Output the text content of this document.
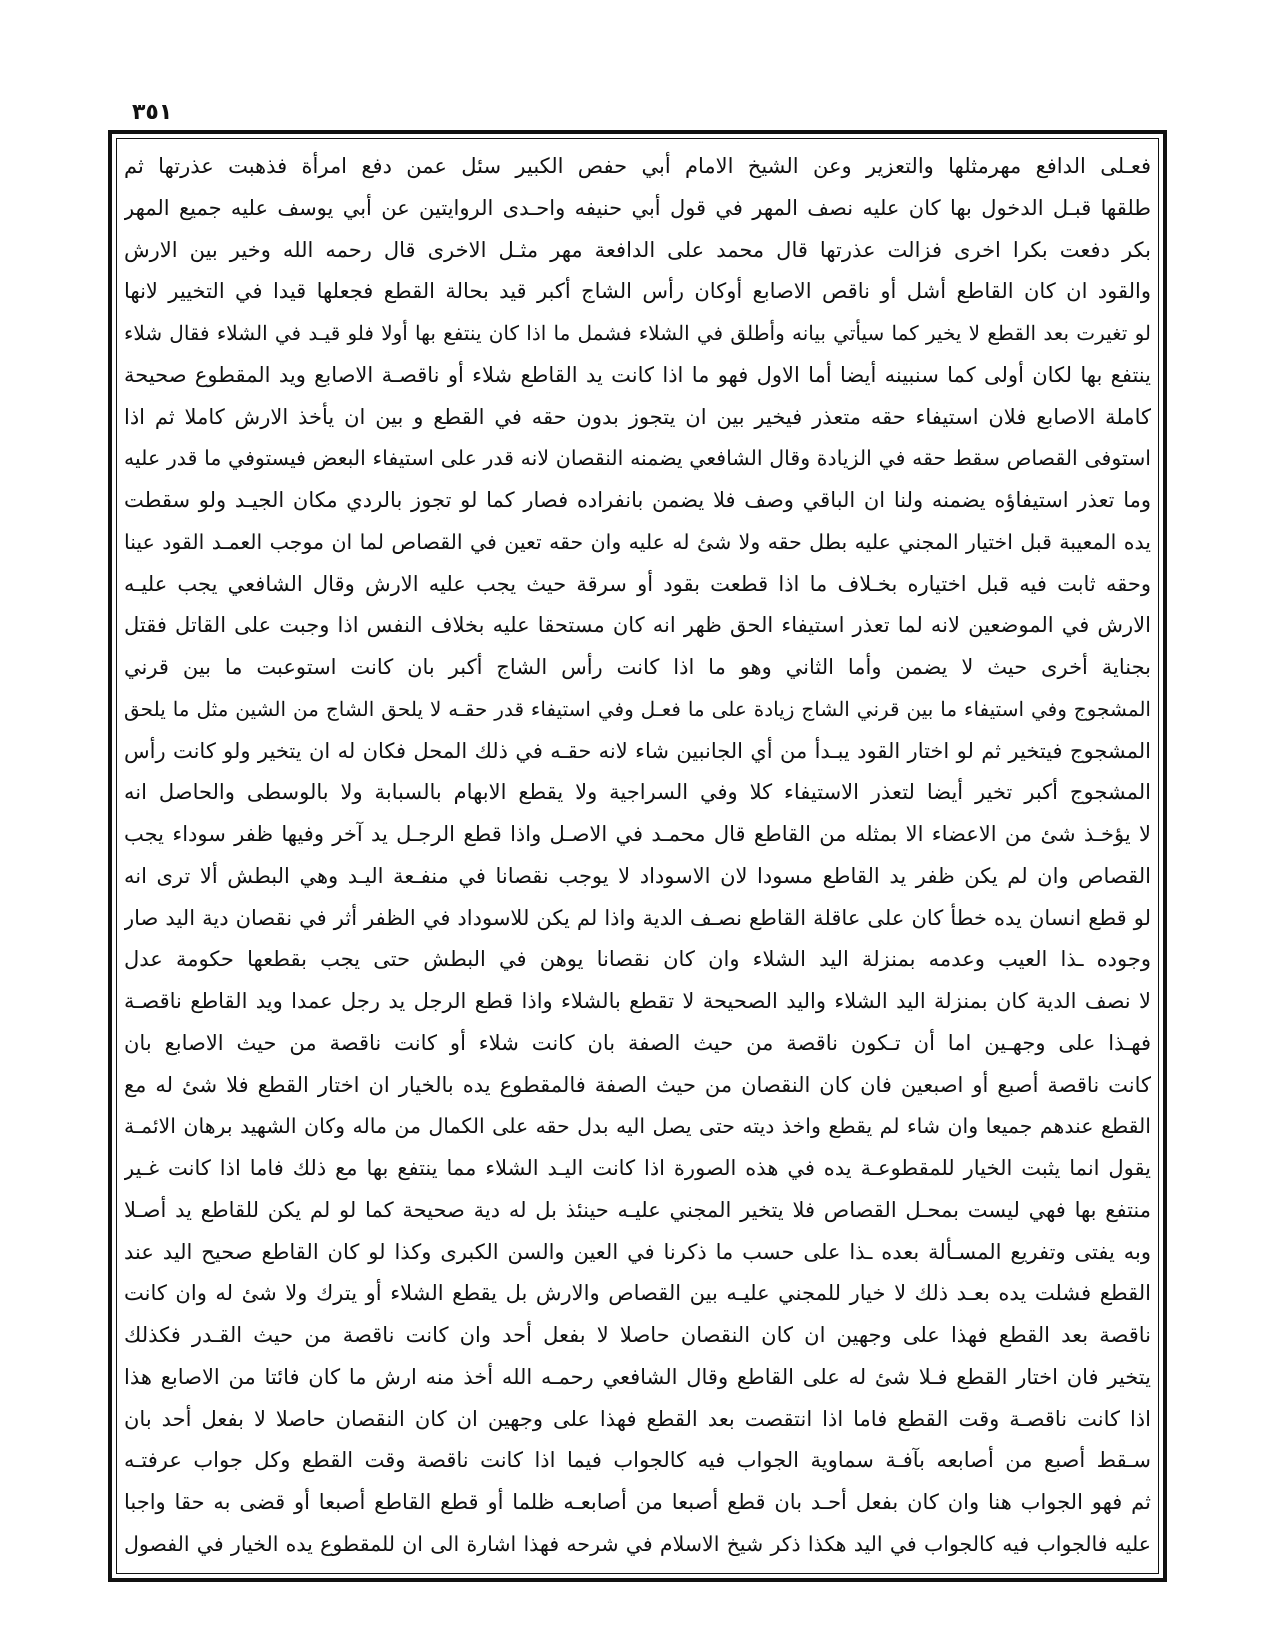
٣٥١
فعـلى الدافع مهرمثلها والتعزير وعن الشيخ الامام أبي حفص الكبير سئل عمن دفع امرأة فذهبت عذرتها ثم
طلقها قبـل الدخول بها كان عليه نصف المهر في قول أبي حنيفه واحـدى الروايتين عن أبي يوسف عليه جميع المهر
بكر دفعت بكرا اخرى فزالت عذرتها قال محمد على الدافعة مهر مثـل الاخرى قال رحمه الله وخير بين الارش
والقود ان كان القاطع أشل أو ناقص الاصابع أوكان رأس الشاج أكبر قيد بحالة القطع فجعلها قيدا في التخيير لانها
لو تغيرت بعد القطع لا يخير كما سيأتي بيانه وأطلق في الشلاء فشمل ما اذا كان ينتفع بها أولا فلو قيـد في الشلاء فقال شلاء
ينتفع بها لكان أولى كما سنبينه أيضا أما الاول فهو ما اذا كانت يد القاطع شلاء أو ناقصـة الاصابع ويد المقطوع صحيحة
كاملة الاصابع فلان استيفاء حقه متعذر فيخير بين ان يتجوز بدون حقه في القطع و بين ان يأخذ الارش كاملا ثم اذا
استوفى القصاص سقط حقه في الزيادة وقال الشافعي يضمنه النقصان لانه قدر على استيفاء البعض فيستوفي ما قدر عليه
وما تعذر استيفاؤه يضمنه ولنا ان الباقي وصف فلا يضمن بانفراده فصار كما لو تجوز بالردي مكان الجيـد ولو سقطت
يده المعيبة قبل اختيار المجني عليه بطل حقه ولا شئ له عليه وان حقه تعين في القصاص لما ان موجب العمـد القود عينا
وحقه ثابت فيه قبل اختياره بخـلاف ما اذا قطعت بقود أو سرقة حيث يجب عليه الارش وقال الشافعي يجب عليـه
الارش في الموضعين لانه لما تعذر استيفاء الحق ظهر انه كان مستحقا عليه بخلاف النفس اذا وجبت على القاتل فقتل
بجناية أخرى حيث لا يضمن وأما الثاني وهو ما اذا كانت رأس الشاج أكبر بان كانت استوعبت ما بين قرني
المشجوج وفي استيفاء ما بين قرني الشاج زيادة على ما فعـل وفي استيفاء قدر حقـه لا يلحق الشاج من الشين مثل ما يلحق
المشجوج فيتخير ثم لو اختار القود يبـدأ من أي الجانبين شاء لانه حقـه في ذلك المحل فكان له ان يتخير ولو كانت رأس
المشجوج أكبر تخير أيضا لتعذر الاستيفاء كلا وفي السراجية ولا يقطع الابهام بالسبابة ولا بالوسطى والحاصل انه
لا يؤخـذ شئ من الاعضاء الا بمثله من القاطع قال محمـد في الاصـل واذا قطع الرجـل يد آخر وفيها ظفر سوداء يجب
القصاص وان لم يكن ظفر يد القاطع مسودا لان الاسوداد لا يوجب نقصانا في منفـعة اليـد وهي البطش ألا ترى انه
لو قطع انسان يده خطأ كان على عاقلة القاطع نصـف الدية واذا لم يكن للاسوداد في الظفر أثر في نقصان دية اليد صار
وجوده ـذا العيب وعدمه بمنزلة اليد الشلاء وان كان نقصانا يوهن في البطش حتى يجب بقطعها حكومة عدل
لا نصف الدية كان بمنزلة اليد الشلاء واليد الصحيحة لا تقطع بالشلاء واذا قطع الرجل يد رجل عمدا ويد القاطع ناقصـة
فهـذا على وجهـين اما أن تـكون ناقصة من حيث الصفة بان كانت شلاء أو كانت ناقصة من حيث الاصابع بان
كانت ناقصة أصبع أو اصبعين فان كان النقصان من حيث الصفة فالمقطوع يده بالخيار ان اختار القطع فلا شئ له مع
القطع عندهم جميعا وان شاء لم يقطع واخذ ديته حتى يصل اليه بدل حقه على الكمال من ماله وكان الشهيد برهان الائمـة
يقول انما يثبت الخيار للمقطوعـة يده في هذه الصورة اذا كانت اليـد الشلاء مما ينتفع بها مع ذلك فاما اذا كانت غـير
منتفع بها فهي ليست بمحـل القصاص فلا يتخير المجني عليـه حينئذ بل له دية صحيحة كما لو لم يكن للقاطع يد أصـلا
وبه يفتى وتفريع المسـألة بعده ـذا على حسب ما ذكرنا في العين والسن الكبرى وكذا لو كان القاطع صحيح اليد عند
القطع فشلت يده بعـد ذلك لا خيار للمجني عليـه بين القصاص والارش بل يقطع الشلاء أو يترك ولا شئ له وان كانت
ناقصة بعد القطع فهذا على وجهين ان كان النقصان حاصلا لا بفعل أحد وان كانت ناقصة من حيث القـدر فكذلك
يتخير فان اختار القطع فـلا شئ له على القاطع وقال الشافعي رحمـه الله أخذ منه ارش ما كان فائتا من الاصابع هذا
اذا كانت ناقصـة وقت القطع فاما اذا انتقصت بعد القطع فهذا على وجهين ان كان النقصان حاصلا لا بفعل أحد بان
سـقط أصبع من أصابعه بآفـة سماوية الجواب فيه كالجواب فيما اذا كانت ناقصة وقت القطع وكل جواب عرفتـه
ثم فهو الجواب هنا وان كان بفعل أحـد بان قطع أصبعا من أصابعـه ظلما أو قطع القاطع أصبعا أو قضى به حقا واجبا
عليه فالجواب فيه كالجواب في اليد هكذا ذكر شيخ الاسلام في شرحه فهذا اشارة الى ان للمقطوع يده الخيار في الفصول
